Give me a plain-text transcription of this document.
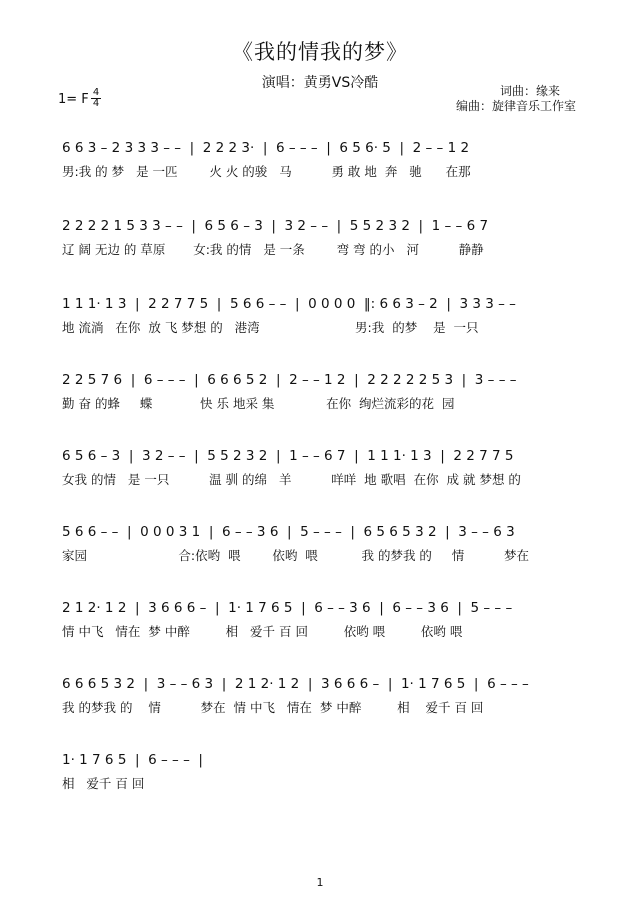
《我的情我的梦》
演唱：黄勇VS冷酷	词曲：缘来
编曲：旋律音乐工作室
1= F 4
4
6 6 3 – 2 3 3 3 – –  |  2 2 2 3·  |  6 – – –  |  6 5 6· 5  |  2 – – 1 2
男:我 的 梦   是 一匹        火 火 的骏   马          勇 敢 地  奔   驰      在那
2 2 2 2 1 5 3 3 – –  |  6 5 6 – 3  |  3 2 – –  |  5 5 2 3 2  |  1 – – 6 7
辽 阔 无边 的 草原       女:我 的情   是 一条        弯 弯 的小   河          静静
1 1 1· 1 3  |  2 2 7 7 5  |  5 6 6 – –  |  0 0 0 0  ‖: 6 6 3 – 2  |  3 3 3 – –
地 流淌   在你  放 飞 梦想 的   港湾                        男:我  的梦    是  一只
2 2 5 7 6  |  6 – – –  |  6 6 6 5 2  |  2 – – 1 2  |  2 2 2 2 2 5 3  |  3 – – –
勤 奋 的蜂     蝶            快 乐 地采 集             在你  绚烂流彩的花  园
6 5 6 – 3  |  3 2 – –  |  5 5 2 3 2  |  1 – – 6 7  |  1 1 1· 1 3  |  2 2 7 7 5
女我 的情   是 一只          温 驯 的绵   羊          咩咩  地 歌唱  在你  成 就 梦想 的
5 6 6 – –  |  0 0 0 3 1  |  6 – – 3 6  |  5 – – –  |  6 5 6 5 3 2  |  3 – – 6 3
家园                       合:依哟  喂        依哟  喂           我 的梦我 的     情          梦在
2 1 2· 1 2  |  3 6 6 6 –  |  1· 1 7 6 5  |  6 – – 3 6  |  6 – – 3 6  |  5 – – –
情 中飞   情在  梦 中醉         相   爱千 百 回         依哟 喂         依哟 喂
6 6 6 5 3 2  |  3 – – 6 3  |  2 1 2· 1 2  |  3 6 6 6 –  |  1· 1 7 6 5  |  6 – – –
我 的梦我 的    情          梦在  情 中飞   情在  梦 中醉         相    爱千 百 回
1· 1 7 6 5  |  6 – – –  |
相   爱千 百 回
1
